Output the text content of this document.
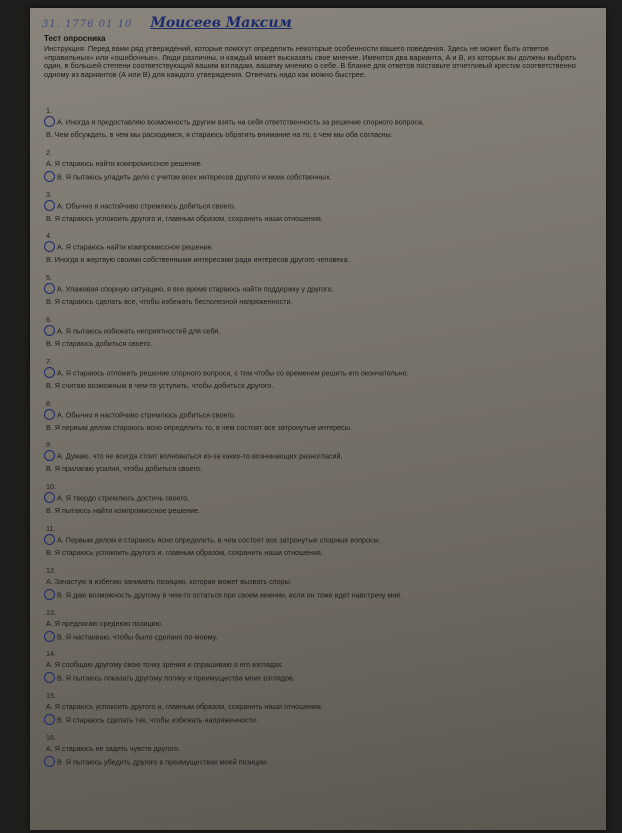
31. 1776 01 10 Моисеев Максим
Тест опросника
Инструкция: Перед вами ряд утверждений, которые помогут определить некоторые особенности вашего поведения. Здесь не может быть ответов «правильных» или «ошибочных». Люди различны, и каждый может высказать свое мнение. Имеются два варианта, А и В, из которых вы должны выбрать один, в большей степени соответствующий вашим взглядам, вашему мнению о себе. В бланке для ответов поставьте отчетливый крестик соответственно одному из вариантов (А или В) для каждого утверждения. Отвечать надо как можно быстрее.
1.
А. Иногда я предоставляю возможность другим взять на себя ответственность за решение спорного вопроса.
В. Чем обсуждать, в чем мы расходимся, я стараюсь обратить внимание на то, с чем мы оба согласны.
2.
А. Я стараюсь найти компромиссное решение.
В. Я пытаюсь уладить дело с учетом всех интересов другого и моих собственных.
3.
А. Обычно я настойчиво стремлюсь добиться своего.
В. Я стараюсь успокоить другого и, главным образом, сохранить наши отношения.
4.
А. Я стараюсь найти компромиссное решение.
В. Иногда я жертвую своими собственными интересами ради интересов другого человека.
5.
А. Улаживая спорную ситуацию, я все время стараюсь найти поддержку у другого.
В. Я стараюсь сделать все, чтобы избежать бесполезной напряженности.
6.
А. Я пытаюсь избежать неприятностей для себя.
В. Я стараюсь добиться своего.
7.
А. Я стараюсь отложить решение спорного вопроса, с тем чтобы со временем решить его окончательно.
В. Я считаю возможным в чем-то уступить, чтобы добиться другого.
8.
А. Обычно я настойчиво стремлюсь добиться своего.
В. Я первым делом стараюсь ясно определить то, в чем состоят все затронутые интересы.
9.
А. Думаю, что не всегда стоит волноваться из-за каких-то возникающих разногласий.
В. Я прилагаю усилия, чтобы добиться своего.
10.
А. Я твердо стремлюсь достичь своего.
В. Я пытаюсь найти компромиссное решение.
11.
А. Первым делом я стараюсь ясно определить, в чем состоят все затронутые спорные вопросы.
В. Я стараюсь успокоить другого и, главным образом, сохранить наши отношения.
12.
А. Зачастую я избегаю занимать позицию, которая может вызвать споры.
В. Я даю возможность другому в чем-то остаться при своем мнении, если он тоже идет навстречу мне.
13.
А. Я предлагаю среднюю позицию.
В. Я настаиваю, чтобы было сделано по-моему.
14.
А. Я сообщаю другому свою точку зрения и спрашиваю о его взглядах.
В. Я пытаюсь показать другому логику и преимущества моих взглядов.
15.
А. Я стараюсь успокоить другого и, главным образом, сохранить наши отношения.
В. Я стараюсь сделать так, чтобы избежать напряженности.
16.
А. Я стараюсь не задеть чувств другого.
В. Я пытаюсь убедить другого в преимуществах моей позиции.
